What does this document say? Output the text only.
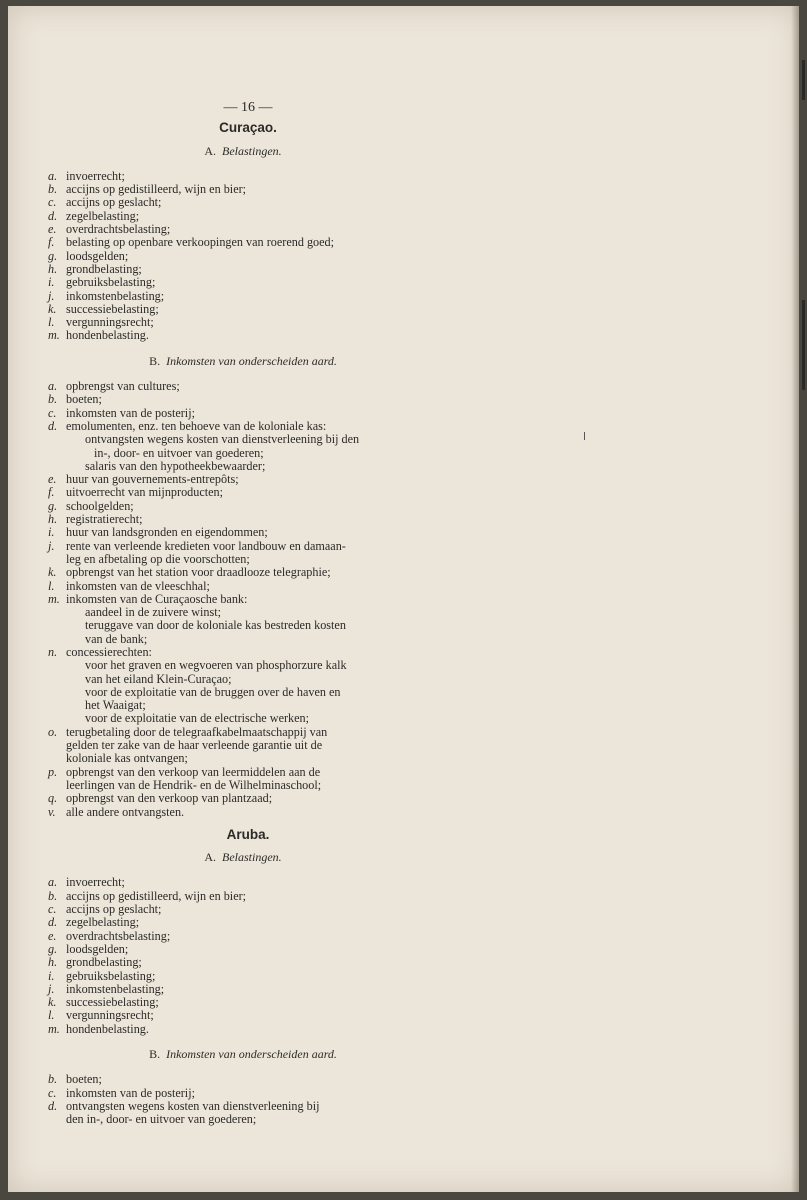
— 16 —
Curaçao.
A. Belastingen.
a. invoerrecht;
b. accijns op gedistilleerd, wijn en bier;
c. accijns op geslacht;
d. zegelbelasting;
e. overdrachtsbelasting;
f. belasting op openbare verkoopingen van roerend goed;
g. loodsgelden;
h. grondbelasting;
i. gebruiksbelasting;
j. inkomstenbelasting;
k. successiebelasting;
l. vergunningsrecht;
m. hondenbelasting.
B. Inkomsten van onderscheiden aard.
a. opbrengst van cultures;
b. boeten;
c. inkomsten van de posterij;
d. emolumenten, enz. ten behoeve van de koloniale kas:
ontvangsten wegens kosten van dienstverleening bij den
in-, door- en uitvoer van goederen;
salaris van den hypotheekbewaarder;
e. huur van gouvernements-entrepôts;
f. uitvoerrecht van mijnproducten;
g. schoolgelden;
h. registratierecht;
i. huur van landsgronden en eigendommen;
j. rente van verleende kredieten voor landbouw en damaan-
leg en afbetaling op die voorschotten;
k. opbrengst van het station voor draadlooze telegraphie;
l. inkomsten van de vleeschhal;
m. inkomsten van de Curaçaosche bank:
aandeel in de zuivere winst;
teruggave van door de koloniale kas bestreden kosten
van de bank;
n. concessierechten:
voor het graven en wegvoeren van phosphorzure kalk
van het eiland Klein-Curaçao;
voor de exploitatie van de bruggen over de haven en
het Waaigat;
voor de exploitatie van de electrische werken;
o. terugbetaling door de telegraafkabelmaatschappij van
gelden ter zake van de haar verleende garantie uit de
koloniale kas ontvangen;
p. opbrengst van den verkoop van leermiddelen aan de
leerlingen van de Hendrik- en de Wilhelminaschool;
q. opbrengst van den verkoop van plantzaad;
v. alle andere ontvangsten.
Aruba.
A. Belastingen.
a. invoerrecht;
b. accijns op gedistilleerd, wijn en bier;
c. accijns op geslacht;
d. zegelbelasting;
e. overdrachtsbelasting;
g. loodsgelden;
h. grondbelasting;
i. gebruiksbelasting;
j. inkomstenbelasting;
k. successiebelasting;
l. vergunningsrecht;
m. hondenbelasting.
B. Inkomsten van onderscheiden aard.
b. boeten;
c. inkomsten van de posterij;
d. ontvangsten wegens kosten van dienstverleening bij
den in-, door- en uitvoer van goederen;
